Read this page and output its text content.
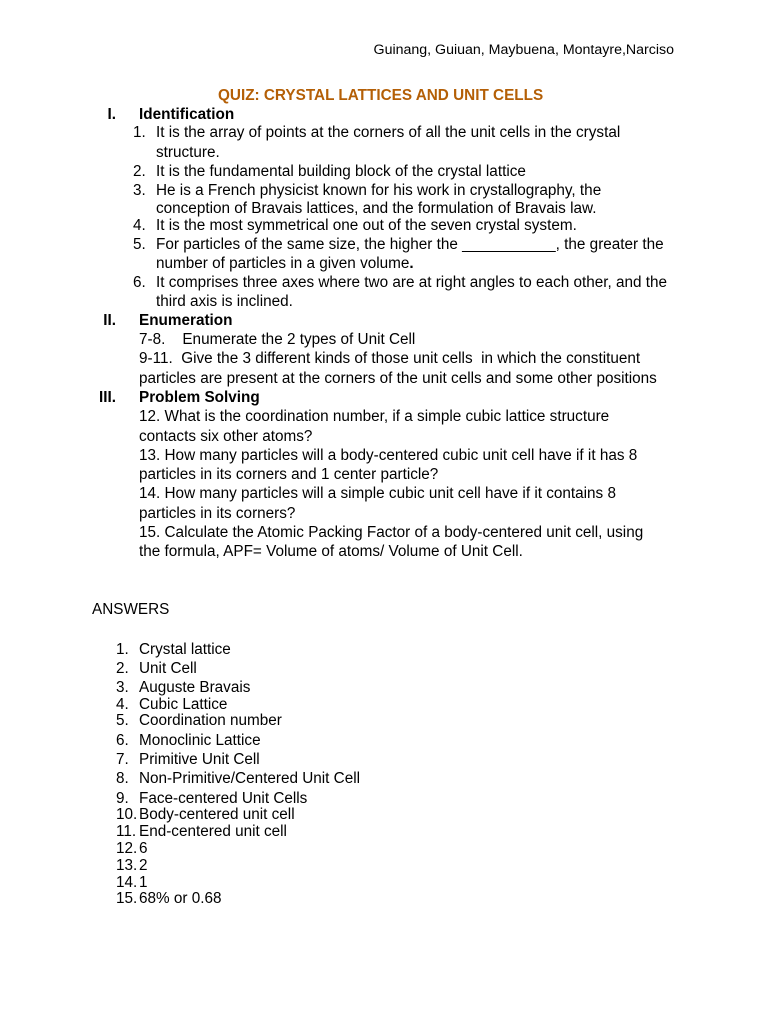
Guinang, Guiuan, Maybuena, Montayre,Narciso
QUIZ: CRYSTAL LATTICES AND UNIT CELLS
I. Identification
1. It is the array of points at the corners of all the unit cells in the crystal
structure.
2. It is the fundamental building block of the crystal lattice
3. He is a French physicist known for his work in crystallography, the
conception of Bravais lattices, and the formulation of Bravais law.
4. It is the most symmetrical one out of the seven crystal system.
5. For particles of the same size, the higher the ___________, the greater the
number of particles in a given volume.
6. It comprises three axes where two are at right angles to each other, and the
third axis is inclined.
II. Enumeration
7-8.    Enumerate the 2 types of Unit Cell
9-11.  Give the 3 different kinds of those unit cells  in which the constituent
particles are present at the corners of the unit cells and some other positions
III. Problem Solving
12. What is the coordination number, if a simple cubic lattice structure
contacts six other atoms?
13. How many particles will a body-centered cubic unit cell have if it has 8
particles in its corners and 1 center particle?
14. How many particles will a simple cubic unit cell have if it contains 8
particles in its corners?
15. Calculate the Atomic Packing Factor of a body-centered unit cell, using
the formula, APF= Volume of atoms/ Volume of Unit Cell.
ANSWERS
1. Crystal lattice
2. Unit Cell
3. Auguste Bravais
4. Cubic Lattice
5. Coordination number
6. Monoclinic Lattice
7. Primitive Unit Cell
8. Non-Primitive/Centered Unit Cell
9. Face-centered Unit Cells
10. Body-centered unit cell
11. End-centered unit cell
12. 6
13. 2
14. 1
15. 68% or 0.68
